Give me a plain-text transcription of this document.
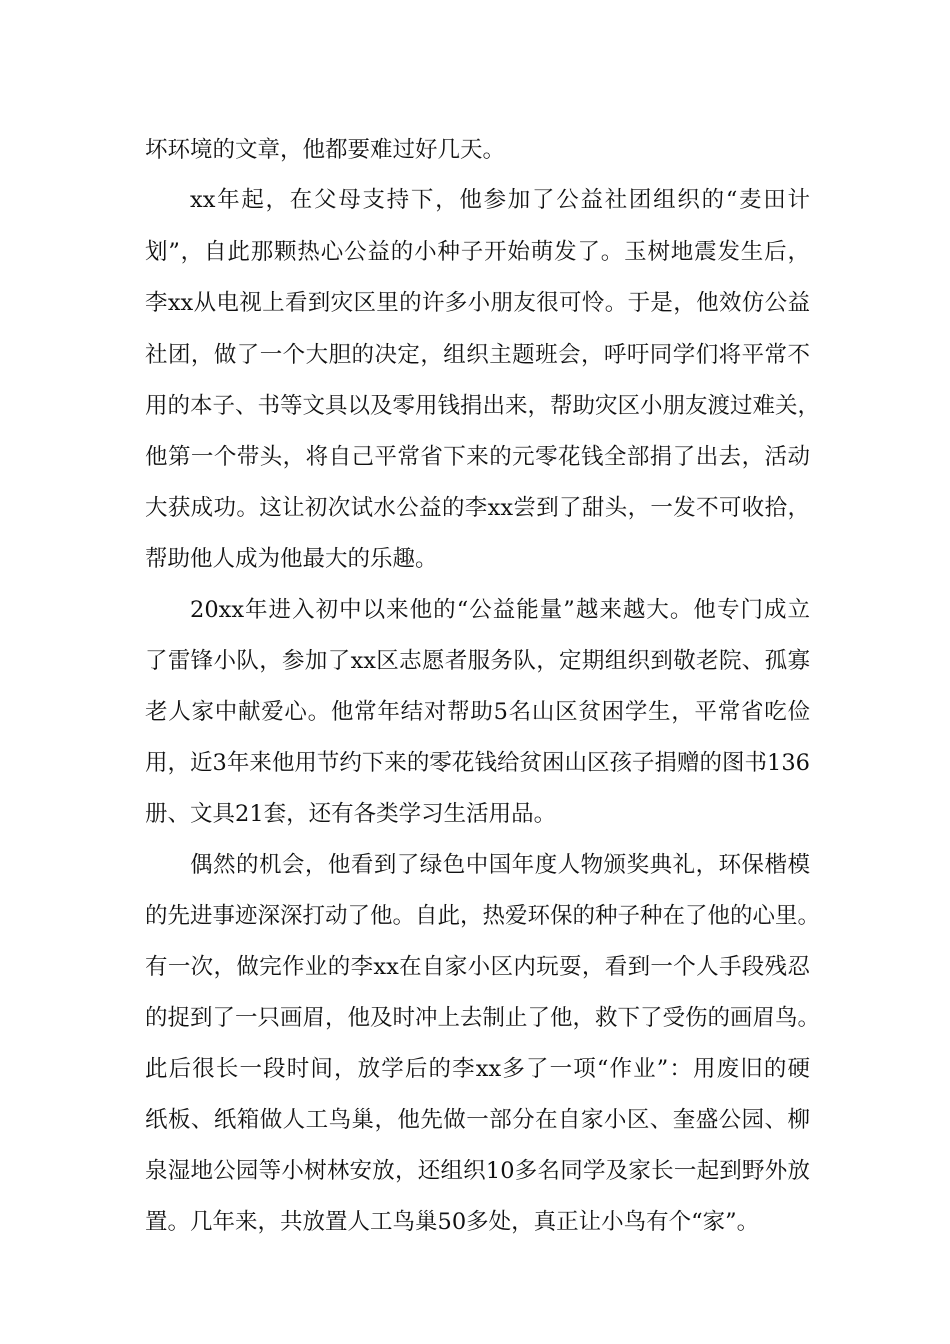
坏环境的文章，他都要难过好几天。
xx年起，在父母支持下，他参加了公益社团组织的“麦田计
划”，自此那颗热心公益的小种子开始萌发了。玉树地震发生后，
李xx从电视上看到灾区里的许多小朋友很可怜。于是，他效仿公益
社团，做了一个大胆的决定，组织主题班会，呼吁同学们将平常不
用的本子、书等文具以及零用钱捐出来，帮助灾区小朋友渡过难关，
他第一个带头，将自己平常省下来的元零花钱全部捐了出去，活动
大获成功。这让初次试水公益的李xx尝到了甜头，一发不可收拾，
帮助他人成为他最大的乐趣。
20xx年进入初中以来他的“公益能量”越来越大。他专门成立
了雷锋小队，参加了xx区志愿者服务队，定期组织到敬老院、孤寡
老人家中献爱心。他常年结对帮助5名山区贫困学生，平常省吃俭
用，近3年来他用节约下来的零花钱给贫困山区孩子捐赠的图书136
册、文具21套，还有各类学习生活用品。
偶然的机会，他看到了绿色中国年度人物颁奖典礼，环保楷模
的先进事迹深深打动了他。自此，热爱环保的种子种在了他的心里。
有一次，做完作业的李xx在自家小区内玩耍，看到一个人手段残忍
的捉到了一只画眉，他及时冲上去制止了他，救下了受伤的画眉鸟。
此后很长一段时间，放学后的李xx多了一项“作业”：用废旧的硬
纸板、纸箱做人工鸟巢，他先做一部分在自家小区、奎盛公园、柳
泉湿地公园等小树林安放，还组织10多名同学及家长一起到野外放
置。几年来，共放置人工鸟巢50多处，真正让小鸟有个“家”。
